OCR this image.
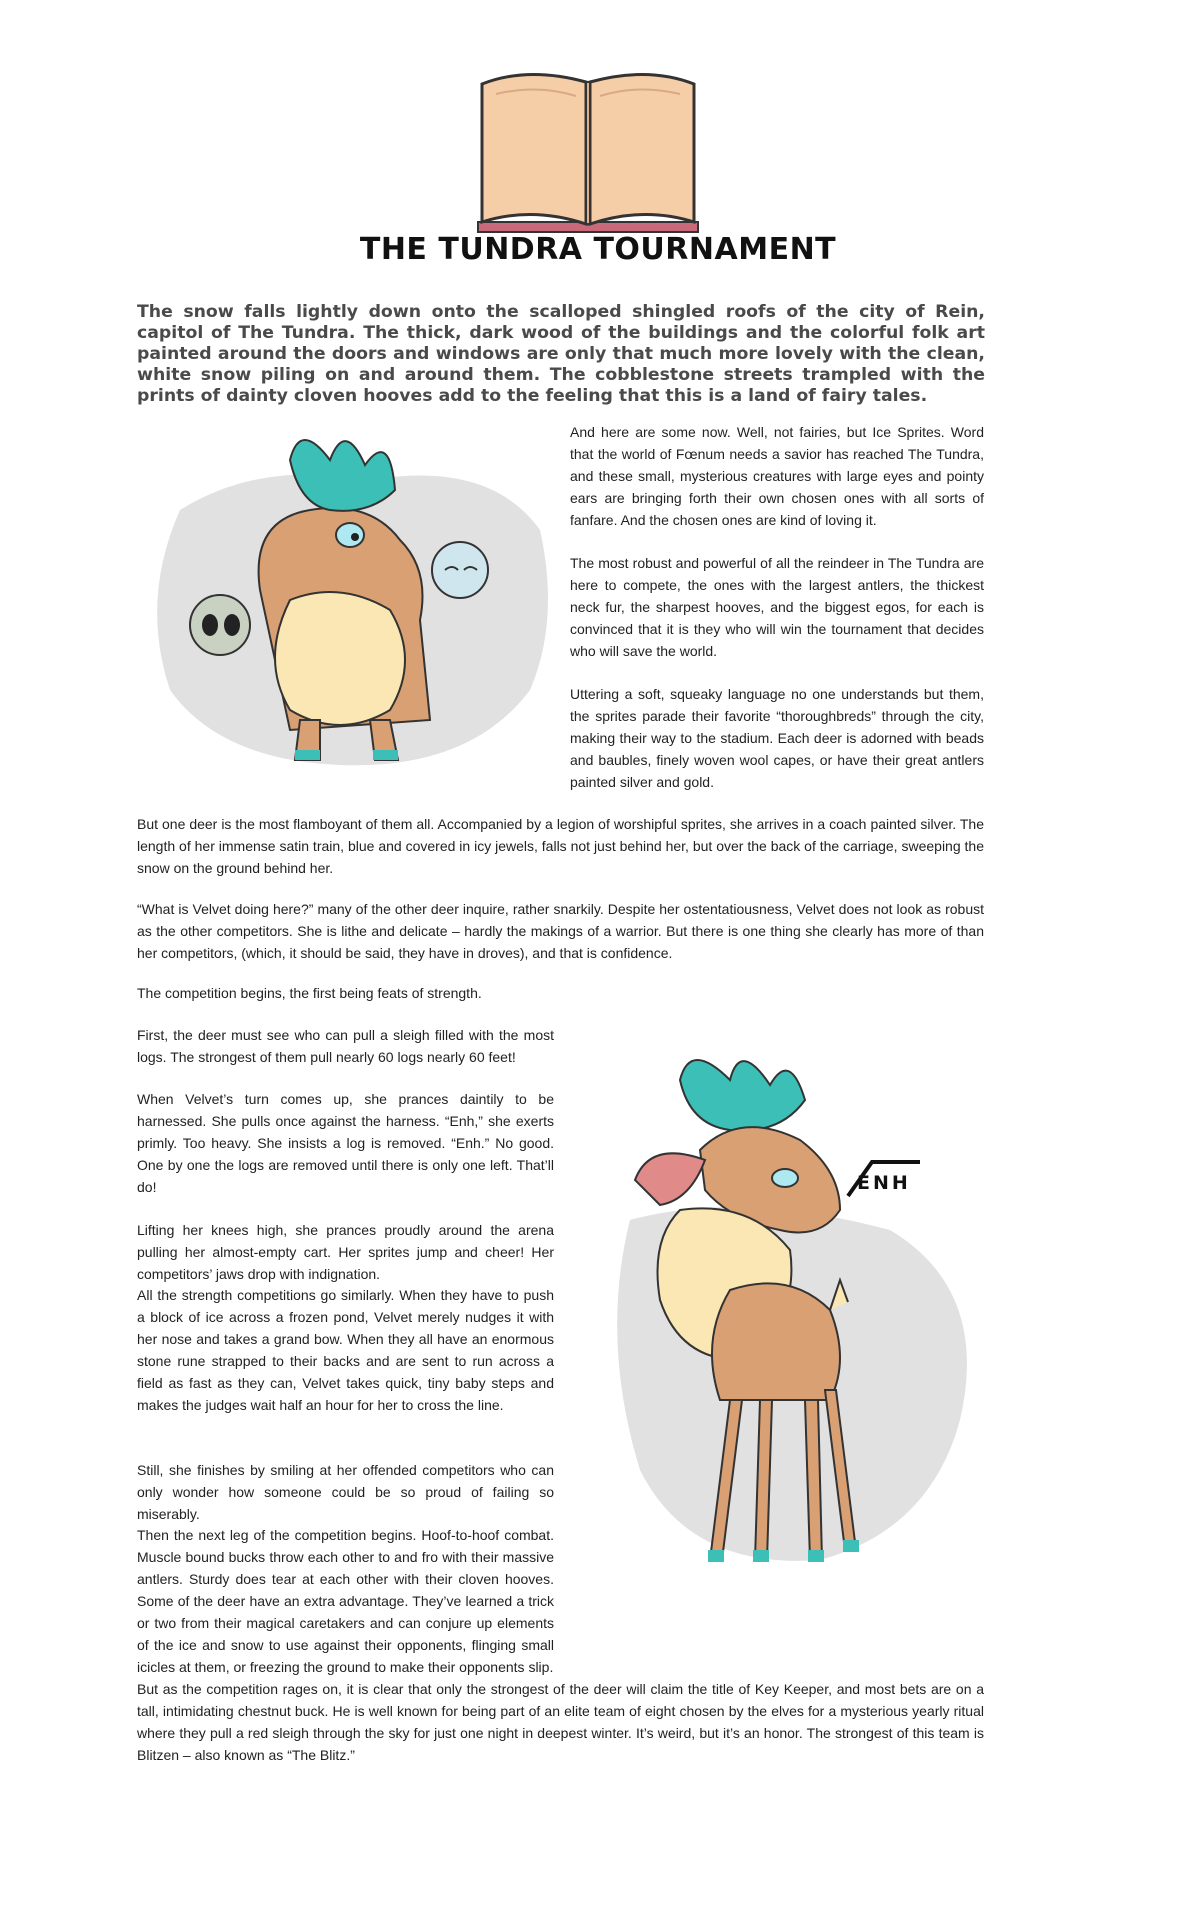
THE TUNDRA TOURNAMENT

The snow falls lightly down onto the scalloped shingled roofs of the city of Rein, capitol of The Tundra. The thick, dark wood of the buildings and the colorful folk art painted around the doors and windows are only that much more lovely with the clean, white snow piling on and around them. The cobblestone streets trampled with the prints of dainty cloven hooves add to the feeling that this is a land of fairy tales.

And here are some now. Well, not fairies, but Ice Sprites. Word that the world of Fœnum needs a savior has reached The Tundra, and these small, mysterious creatures with large eyes and pointy ears are bringing forth their own chosen ones with all sorts of fanfare. And the chosen ones are kind of loving it.

The most robust and powerful of all the reindeer in The Tundra are here to compete, the ones with the largest antlers, the thickest neck fur, the sharpest hooves, and the biggest egos, for each is convinced that it is they who will win the tournament that decides who will save the world.

Uttering a soft, squeaky language no one understands but them, the sprites parade their favorite “thoroughbreds” through the city, making their way to the stadium. Each deer is adorned with beads and baubles, finely woven wool capes, or have their great antlers painted silver and gold.

But one deer is the most flamboyant of them all. Accompanied by a legion of worshipful sprites, she arrives in a coach painted silver. The length of her immense satin train, blue and covered in icy jewels, falls not just behind her, but over the back of the carriage, sweeping the snow on the ground behind her.

“What is Velvet doing here?” many of the other deer inquire, rather snarkily. Despite her ostentatiousness, Velvet does not look as robust as the other competitors. She is lithe and delicate – hardly the makings of a warrior. But there is one thing she clearly has more of than her competitors, (which, it should be said, they have in droves), and that is confidence.

The competition begins, the first being feats of strength.

ENH

First, the deer must see who can pull a sleigh filled with the most logs. The strongest of them pull nearly 60 logs nearly 60 feet!

When Velvet’s turn comes up, she prances daintily to be harnessed. She pulls once against the harness. “Enh,” she exerts primly. Too heavy. She insists a log is removed. “Enh.” No good. One by one the logs are removed until there is only one left. That’ll do!

Lifting her knees high, she prances proudly around the arena pulling her almost-empty cart. Her sprites jump and cheer! Her competitors’ jaws drop with indignation.

All the strength competitions go similarly. When they have to push a block of ice across a frozen pond, Velvet merely nudges it with her nose and takes a grand bow. When they all have an enormous stone rune strapped to their backs and are sent to run across a field as fast as they can, Velvet takes quick, tiny baby steps and makes the judges wait half an hour for her to cross the line.

Still, she finishes by smiling at her offended competitors who can only wonder how someone could be so proud of failing so miserably.

Then the next leg of the competition begins. Hoof-to-hoof combat. Muscle bound bucks throw each other to and fro with their massive antlers. Sturdy does tear at each other with their cloven hooves. Some of the deer have an extra advantage. They’ve learned a trick or two from their magical caretakers and can conjure up elements of the ice and snow to use against their opponents, flinging small icicles at them, or freezing the ground to make their opponents slip.

But as the competition rages on, it is clear that only the strongest of the deer will claim the title of Key Keeper, and most bets are on a tall, intimidating chestnut buck. He is well known for being part of an elite team of eight chosen by the elves for a mysterious yearly ritual where they pull a red sleigh through the sky for just one night in deepest winter. It’s weird, but it’s an honor. The strongest of this team is Blitzen – also known as “The Blitz.”
